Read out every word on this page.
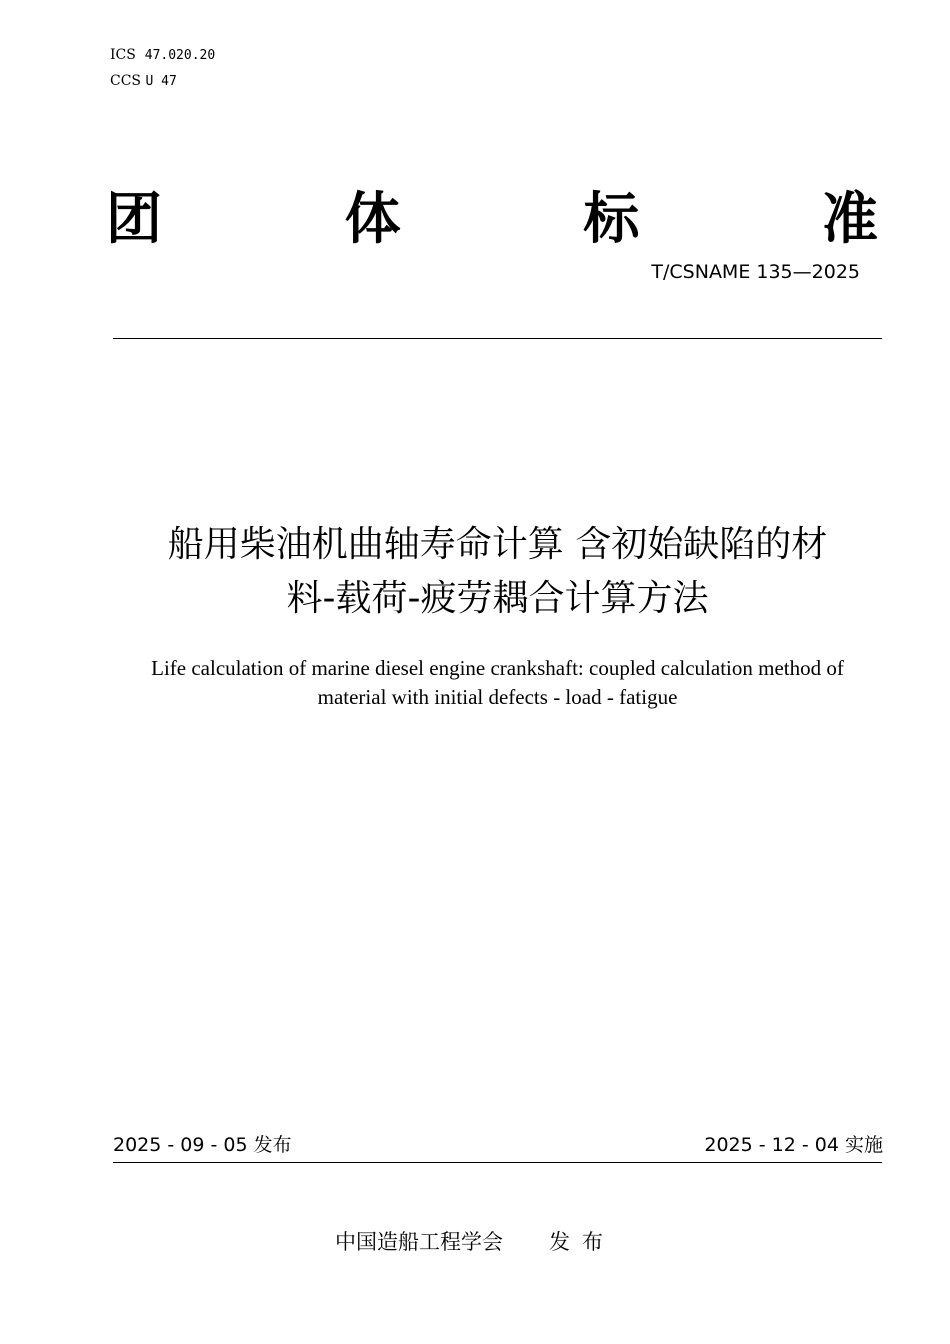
ICS 47.020.20
CCS U 47
团	体	标	准
T/CSNAME 135—2025
船用柴油机曲轴寿命计算 含初始缺陷的材
料-载荷-疲劳耦合计算方法
Life calculation of marine diesel engine crankshaft: coupled calculation method of
material with initial defects - load - fatigue
2025 - 09 - 05 发布	2025 - 12 - 04 实施
中国造船工程学会 发布
